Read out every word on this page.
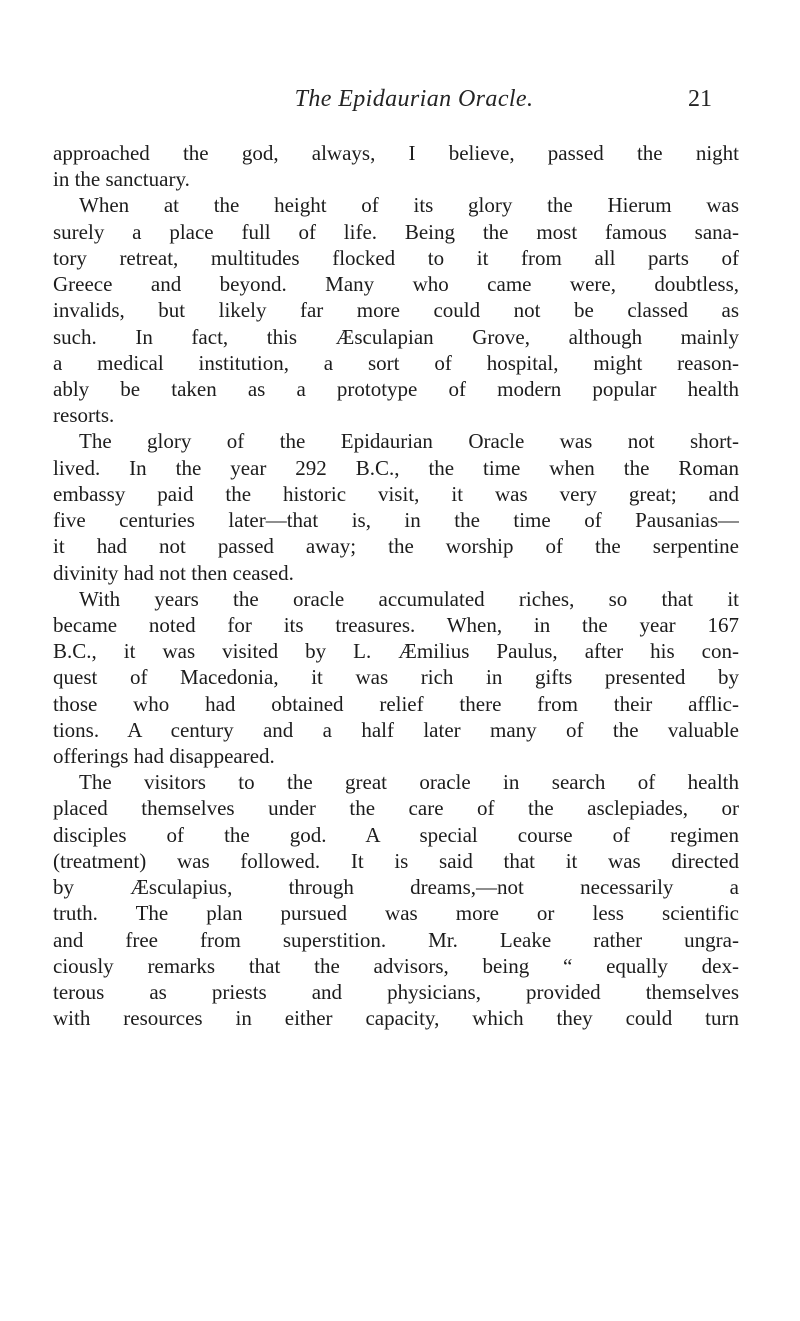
The Epidaurian Oracle.	21
approached the god, always, I believe, passed the night
in the sanctuary.
When at the height of its glory the Hierum was
surely a place full of life. Being the most famous sana-
tory retreat, multitudes flocked to it from all parts of
Greece and beyond. Many who came were, doubtless,
invalids, but likely far more could not be classed as
such. In fact, this Æsculapian Grove, although mainly
a medical institution, a sort of hospital, might reason-
ably be taken as a prototype of modern popular health
resorts.
The glory of the Epidaurian Oracle was not short-
lived. In the year 292 B.C., the time when the Roman
embassy paid the historic visit, it was very great; and
five centuries later—that is, in the time of Pausanias—
it had not passed away; the worship of the serpentine
divinity had not then ceased.
With years the oracle accumulated riches, so that it
became noted for its treasures. When, in the year 167
B.C., it was visited by L. Æmilius Paulus, after his con-
quest of Macedonia, it was rich in gifts presented by
those who had obtained relief there from their afflic-
tions. A century and a half later many of the valuable
offerings had disappeared.
The visitors to the great oracle in search of health
placed themselves under the care of the asclepiades, or
disciples of the god. A special course of regimen
(treatment) was followed. It is said that it was directed
by Æsculapius, through dreams,—not necessarily a
truth. The plan pursued was more or less scientific
and free from superstition. Mr. Leake rather ungra-
ciously remarks that the advisors, being “ equally dex-
terous as priests and physicians, provided themselves
with resources in either capacity, which they could turn
